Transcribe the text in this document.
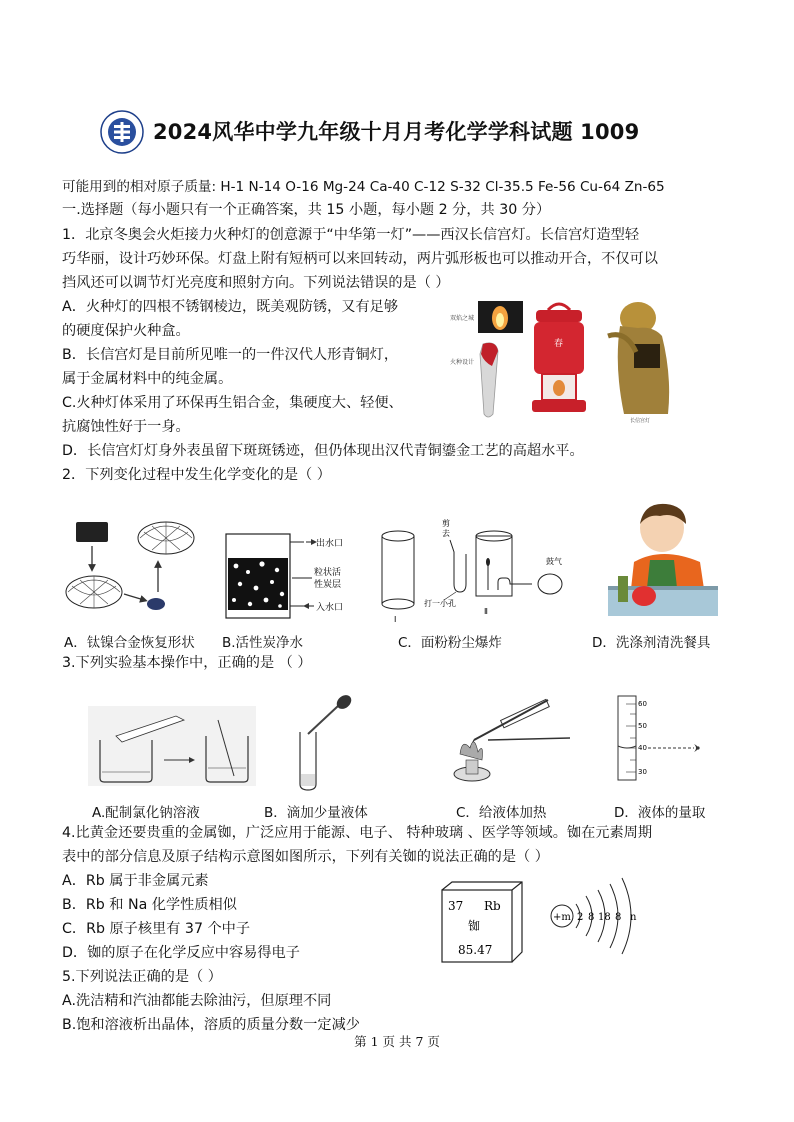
2024风华中学九年级十月月考化学学科试题 1009
可能用到的相对原子质量: H-1 N-14 O-16 Mg-24 Ca-40 C-12 S-32 Cl-35.5 Fe-56 Cu-64 Zn-65
一.选择题（每小题只有一个正确答案，共 15 小题，每小题 2 分，共 30 分）
1．北京冬奥会火炬接力火种灯的创意源于“中华第一灯”——西汉长信宫灯。长信宫灯造型轻
巧华丽，设计巧妙环保。灯盘上附有短柄可以来回转动，两片弧形板也可以推动开合，不仅可以
挡风还可以调节灯光亮度和照射方向。下列说法错误的是（ ）
A．火种灯的四根不锈钢棱边，既美观防锈，又有足够
的硬度保护火种盒。
B．长信宫灯是目前所见唯一的一件汉代人形青铜灯，
属于金属材料中的纯金属。
C.火种灯体采用了环保再生铝合金，集硬度大、轻便、
抗腐蚀性好于一身。
D．长信宫灯灯身外表虽留下斑斑锈迹，但仍体现出汉代青铜鎏金工艺的高超水平。
双焰之城
火种设计
春
长信宫灯
2．下列变化过程中发生化学变化的是（ ）
出水口
粒状活
性炭层
入水口
Ⅰ
剪
去
打一小孔
Ⅱ
鼓气
A．钛镍合金恢复形状 B.活性炭净水	C．面粉粉尘爆炸	D．洗涤剂清洗餐具
3.下列实验基本操作中，正确的是 （ ）
60
50
40
30
A.配制氯化钠溶液	B．滴加少量液体	C．给液体加热	D．液体的量取
4.比黄金还要贵重的金属铷，广泛应用于能源、电子、 特种玻璃 、医学等领域。铷在元素周期
表中的部分信息及原子结构示意图如图所示，下列有关铷的说法正确的是（ ）
A．Rb 属于非金属元素
B．Rb 和 Na 化学性质相似
C．Rb 原子核里有 37 个中子
D．铷的原子在化学反应中容易得电子
37 Rb
铷
85.47
+m 2 8 18 8 n
5.下列说法正确的是（ ）
A.洗洁精和汽油都能去除油污，但原理不同
B.饱和溶液析出晶体，溶质的质量分数一定减少
第 1 页 共 7 页
